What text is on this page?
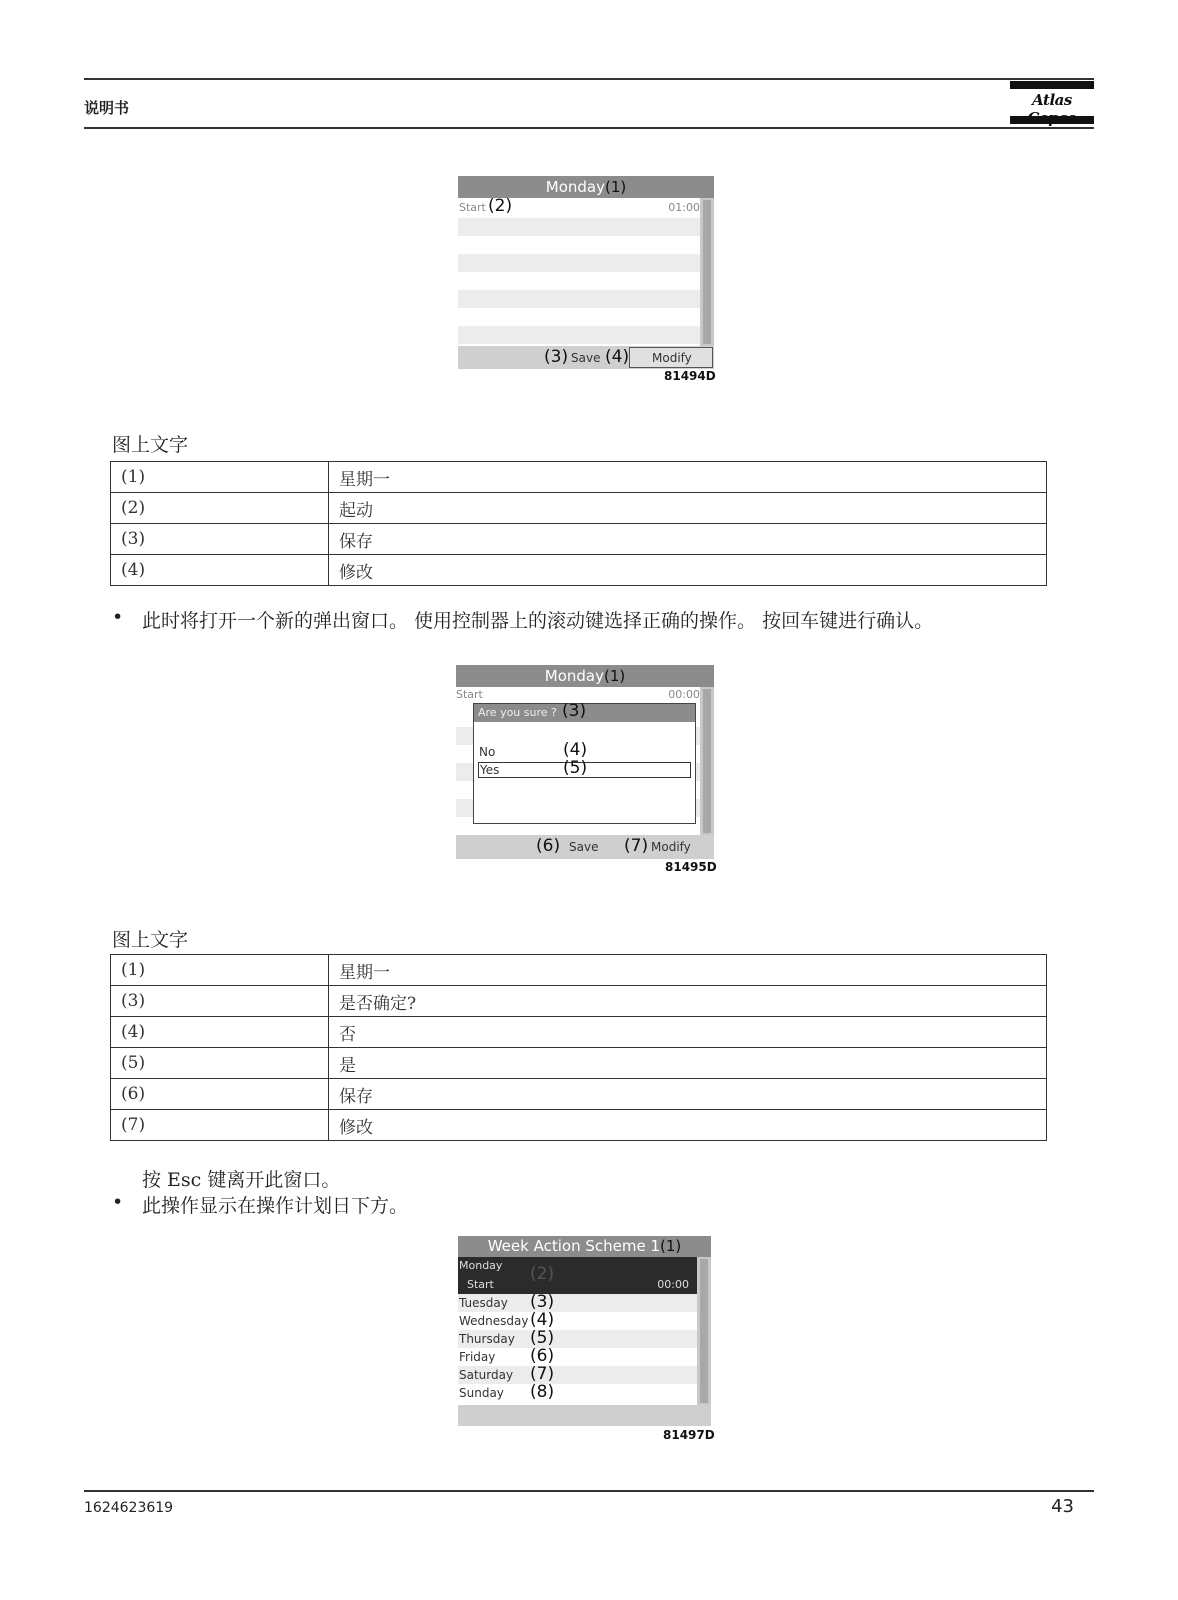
说明书	Atlas
Monday(1)
Start (2)	01:00
(3) Save (4) Modify
81494D
图上文字
(1)	星期一
(2)	起动
(3)	保存
(4)	修改
• 此时将打开一个新的弹出窗口。 使用控制器上的滚动键选择正确的操作。 按回车键进行确认。
Monday(1)
Start	00:00
Are you sure ? (3)
No	(4)
Yes	(5)
(6) Save (7) Modify
81495D
图上文字
(1)	星期一
(3)	是否确定?
(4)	否
(5)	是
(6)	保存
(7)	修改
按 Esc 键离开此窗口。
• 此操作显示在操作计划日下方。
Week Action Scheme 1(1)
Monday
Start	00:00
(2)
Tuesday (3)
Wednesday (4)
Thursday (5)
Friday (6)
Saturday (7)
Sunday (8)
81497D
1624623619	43
